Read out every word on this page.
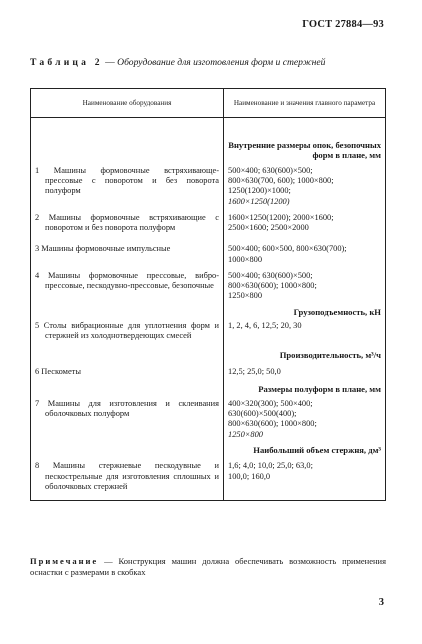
ГОСТ 27884—93
Таблица 2 — Оборудование для изготовления форм и стержней
Наименование оборудования	Наименование и значения главного параметра

	Внутренние размеры опок, безопочных форм в плане, мм

1 Машины формовочные встряхивающе-прессовые с поворотом и без поворота полуформ	500×400; 630(600)×500;
800×630(700, 600); 1000×800;
1250(1200)×1000;
1600×1250(1200)

2 Машины формовочные встряхивающие с поворотом и без поворота полуформ	1600×1250(1200); 2000×1600;
2500×1600; 2500×2000

3 Машины формовочные импульсные	500×400; 600×500, 800×630(700);
1000×800

4 Машины формовочные прессовые, вибро-прессовые, пескодувно-прессовые, безопочные	500×400; 630(600)×500;
800×630(600); 1000×800;
1250×800

	Грузоподъемность, кН

5 Столы вибрационные для уплотнения форм и стержней из холоднотвердеющих смесей	1, 2, 4, 6, 12,5; 20, 30

	Производительность, м³/ч

6 Пескометы	12,5; 25,0; 50,0

	Размеры полуформ в плане, мм

7 Машины для изготовления и склеивания оболочковых полуформ	400×320(300); 500×400;
630(600)×500(400);
800×630(600); 1000×800;
1250×800

	Наибольший объем стержня, дм³

8 Машины стержневые пескодувные и пескострельные для изготовления сплошных и оболочковых стержней	1,6; 4,0; 10,0; 25,0; 63,0;
100,0; 160,0
Примечание — Конструкция машин должна обеспечивать возможность применения оснастки с размерами в скобках
3
